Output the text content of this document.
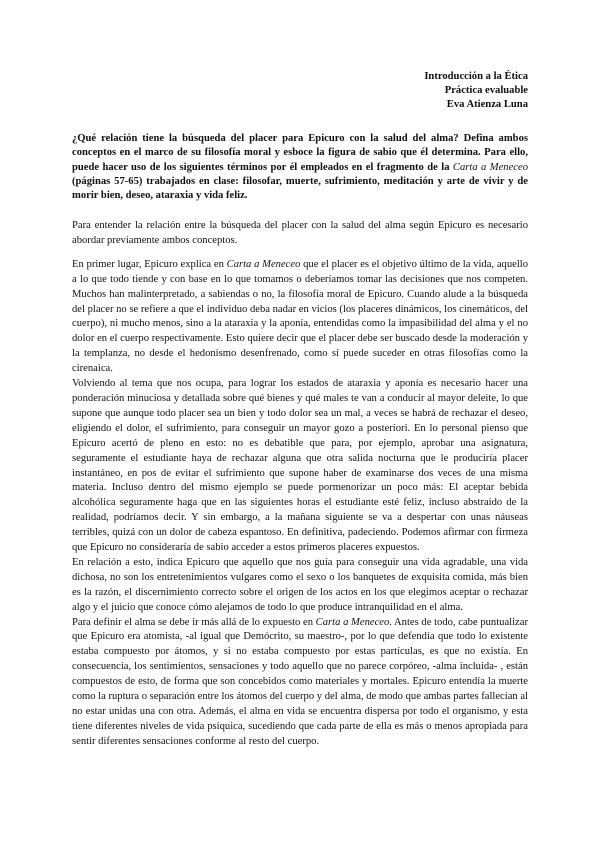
Introducción a la Ética
Práctica evaluable
Eva Atienza Luna
¿Qué relación tiene la búsqueda del placer para Epicuro con la salud del alma? Defina ambos conceptos en el marco de su filosofía moral y esboce la figura de sabio que él determina. Para ello, puede hacer uso de los siguientes términos por él empleados en el fragmento de la Carta a Meneceo (páginas 57-65) trabajados en clase: filosofar, muerte, sufrimiento, meditación y arte de vivir y de morir bien, deseo, ataraxia y vida feliz.

Para entender la relación entre la búsqueda del placer con la salud del alma según Epicuro es necesario abordar previamente ambos conceptos.

En primer lugar, Epicuro explica en Carta a Meneceo que el placer es el objetivo último de la vida, aquello a lo que todo tiende y con base en lo que tomamos o deberíamos tomar las decisiones que nos competen. Muchos han malinterpretado, a sabiendas o no, la filosofía moral de Epicuro. Cuando alude a la búsqueda del placer no se refiere a que el individuo deba nadar en vicios (los placeres dinámicos, los cinemáticos, del cuerpo), ni mucho menos, sino a la ataraxia y la aponía, entendidas como la impasibilidad del alma y el no dolor en el cuerpo respectivamente. Esto quiere decir que el placer debe ser buscado desde la moderación y la templanza, no desde el hedonismo desenfrenado, como sí puede suceder en otras filosofías como la cirenaica.

Volviendo al tema que nos ocupa, para lograr los estados de ataraxia y aponía es necesario hacer una ponderación minuciosa y detallada sobre qué bienes y qué males te van a conducir al mayor deleite, lo que supone que aunque todo placer sea un bien y todo dolor sea un mal, a veces se habrá de rechazar el deseo, eligiendo el dolor, el sufrimiento, para conseguir un mayor gozo a posteriori. En lo personal pienso que Epicuro acertó de pleno en esto: no es debatible que para, por ejemplo, aprobar una asignatura, seguramente el estudiante haya de rechazar alguna que otra salida nocturna que le produciría placer instantáneo, en pos de evitar el sufrimiento que supone haber de examinarse dos veces de una misma materia. Incluso dentro del mismo ejemplo se puede pormenorizar un poco más: El aceptar bebida alcohólica seguramente haga que en las siguientes horas el estudiante esté feliz, incluso abstraído de la realidad, podríamos decir. Y sin embargo, a la mañana siguiente se va a despertar con unas náuseas terribles, quizá con un dolor de cabeza espantoso. En definitiva, padeciendo. Podemos afirmar con firmeza que Epicuro no consideraría de sabio acceder a estos primeros placeres expuestos.

En relación a esto, indica Epicuro que aquello que nos guía para conseguir una vida agradable, una vida dichosa, no son los entretenimientos vulgares como el sexo o los banquetes de exquisita comida, más bien es la razón, el discernimiento correcto sobre el origen de los actos en los que elegimos aceptar o rechazar algo y el juicio que conoce cómo alejamos de todo lo que produce intranquilidad en el alma.

Para definir el alma se debe ir más allá de lo expuesto en Carta a Meneceo. Antes de todo, cabe puntualizar que Epicuro era atomista, -al igual que Demócrito, su maestro-, por lo que defendía que todo lo existente estaba compuesto por átomos, y si no estaba compuesto por estas partículas, es que no existía. En consecuencia, los sentimientos, sensaciones y todo aquello que no parece corpóreo, -alma incluida- , están compuestos de esto, de forma que son concebidos como materiales y mortales. Epicuro entendía la muerte como la ruptura o separación entre los átomos del cuerpo y del alma, de modo que ambas partes fallecían al no estar unidas una con otra. Además, el alma en vida se encuentra dispersa por todo el organismo, y esta tiene diferentes niveles de vida psíquica, sucediendo que cada parte de ella es más o menos apropiada para sentir diferentes sensaciones conforme al resto del cuerpo.
